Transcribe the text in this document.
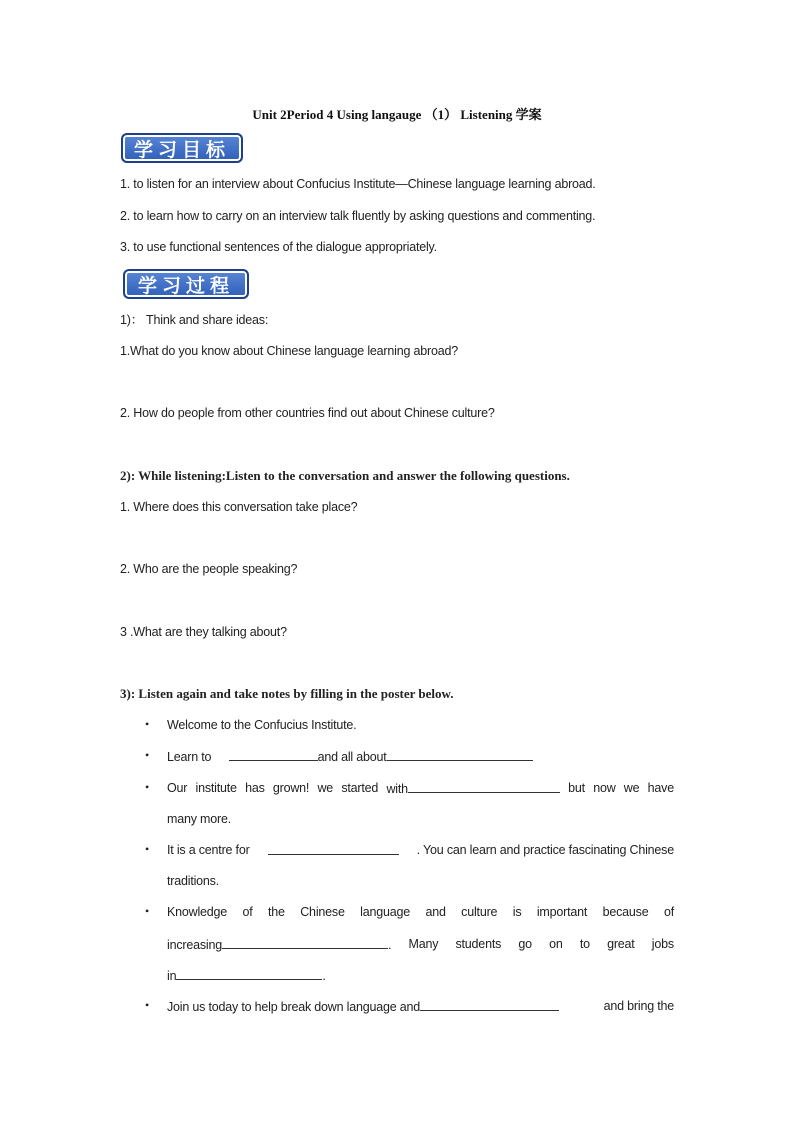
Unit 2Period 4 Using langauge （1） Listening 学案
学习目标
1. to listen for an interview about Confucius Institute—Chinese language learning abroad.
2. to learn how to carry on an interview talk fluently by asking questions and commenting.
3. to use functional sentences of the dialogue appropriately.
学习过程
1)： Think and share ideas:
1.What do you know about Chinese language learning abroad?
2. How do people from other countries find out about Chinese culture?
2): While listening:Listen to the conversation and answer the following questions.
1. Where does this conversation take place?
2. Who are the people speaking?
3 .What are they talking about?
3): Listen again and take notes by filling in the poster below.
• Welcome to the Confucius Institute.
• Learn to	and all about
• Our institute has grown! we started with	but now we have
many more.
• It is a centre for	. You can learn and practice fascinating Chinese
traditions.
• Knowledge of the Chinese language and culture is important because of
increasing	. Many students go on to great jobs
in	.
• Join us today to help break down language and	and bring the
